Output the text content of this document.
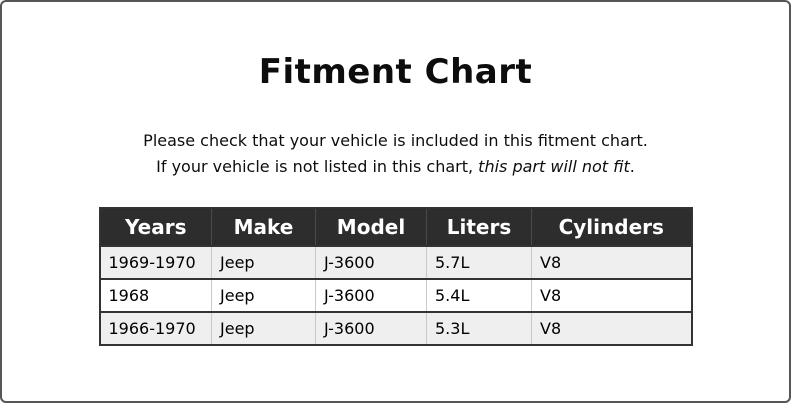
Fitment Chart

Please check that your vehicle is included in this fitment chart.
If your vehicle is not listed in this chart, this part will not fit.

Years	Make	Model	Liters	Cylinders
1969-1970	Jeep	J-3600	5.7L	V8
1968	Jeep	J-3600	5.4L	V8
1966-1970	Jeep	J-3600	5.3L	V8
